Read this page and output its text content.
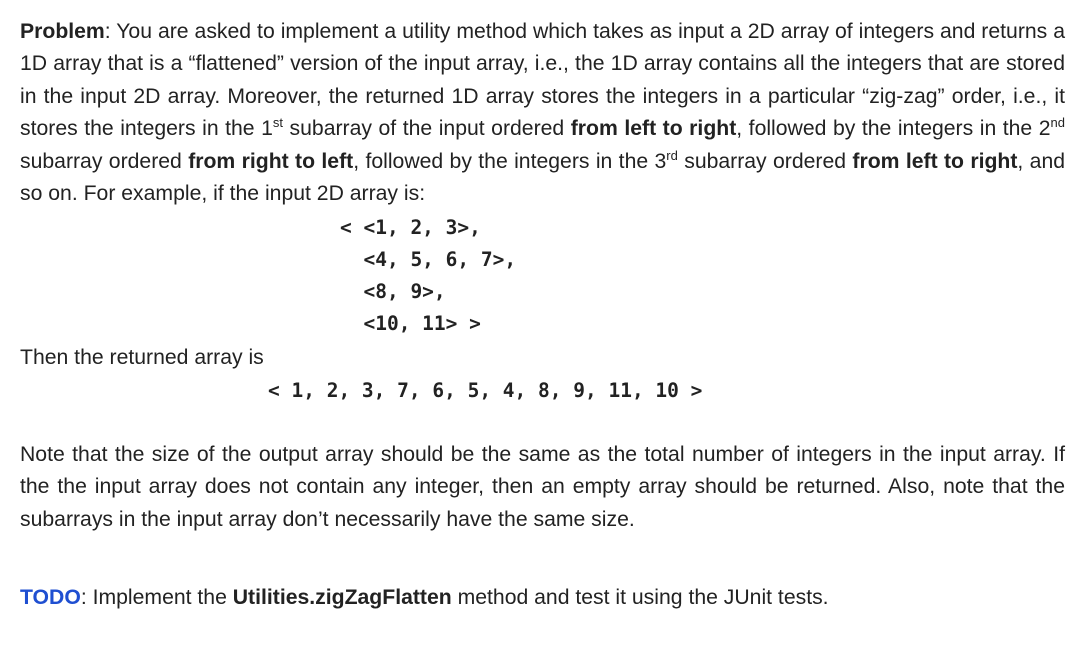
Problem: You are asked to implement a utility method which takes as input a 2D array of integers and returns a 1D array that is a “flattened” version of the input array, i.e., the 1D array contains all the integers that are stored in the input 2D array. Moreover, the returned 1D array stores the integers in a particular “zig-zag” order, i.e., it stores the integers in the 1st subarray of the input ordered from left to right, followed by the integers in the 2nd subarray ordered from right to left, followed by the integers in the 3rd subarray ordered from left to right, and so on. For example, if the input 2D array is:

< <1, 2, 3>,
<4, 5, 6, 7>,
<8, 9>,
<10, 11> >

Then the returned array is

< 1, 2, 3, 7, 6, 5, 4, 8, 9, 11, 10 >

Note that the size of the output array should be the same as the total number of integers in the input array. If the the input array does not contain any integer, then an empty array should be returned. Also, note that the subarrays in the input array don’t necessarily have the same size.

TODO: Implement the Utilities.zigZagFlatten method and test it using the JUnit tests.
